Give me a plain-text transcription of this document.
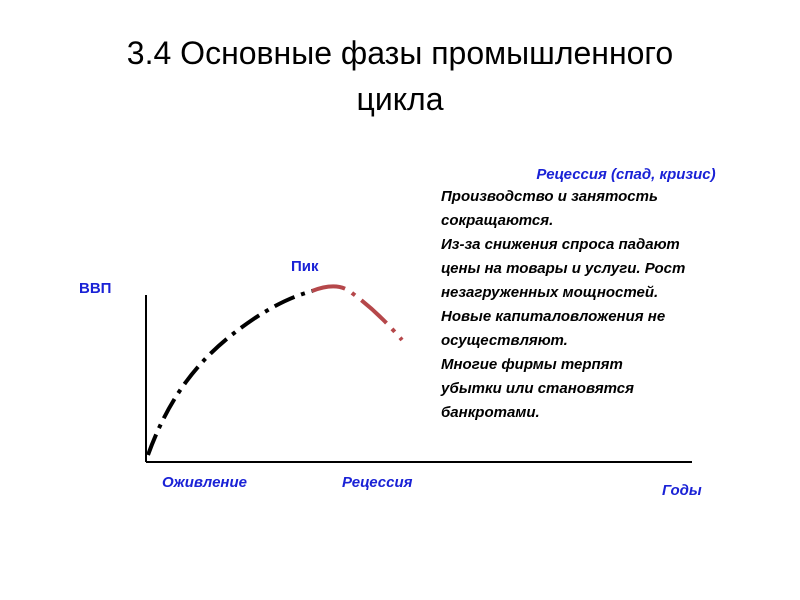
3.4 Основные фазы промышленного
цикла
ВВП
Пик
Оживление	Рецессия	Годы
Рецессия (спад, кризис)
Производство и занятость
сокращаются.
Из-за снижения спроса падают
цены на товары и услуги. Рост
незагруженных мощностей.
Новые капиталовложения не
осуществляют.
Многие фирмы терпят
убытки или становятся
банкротами.
